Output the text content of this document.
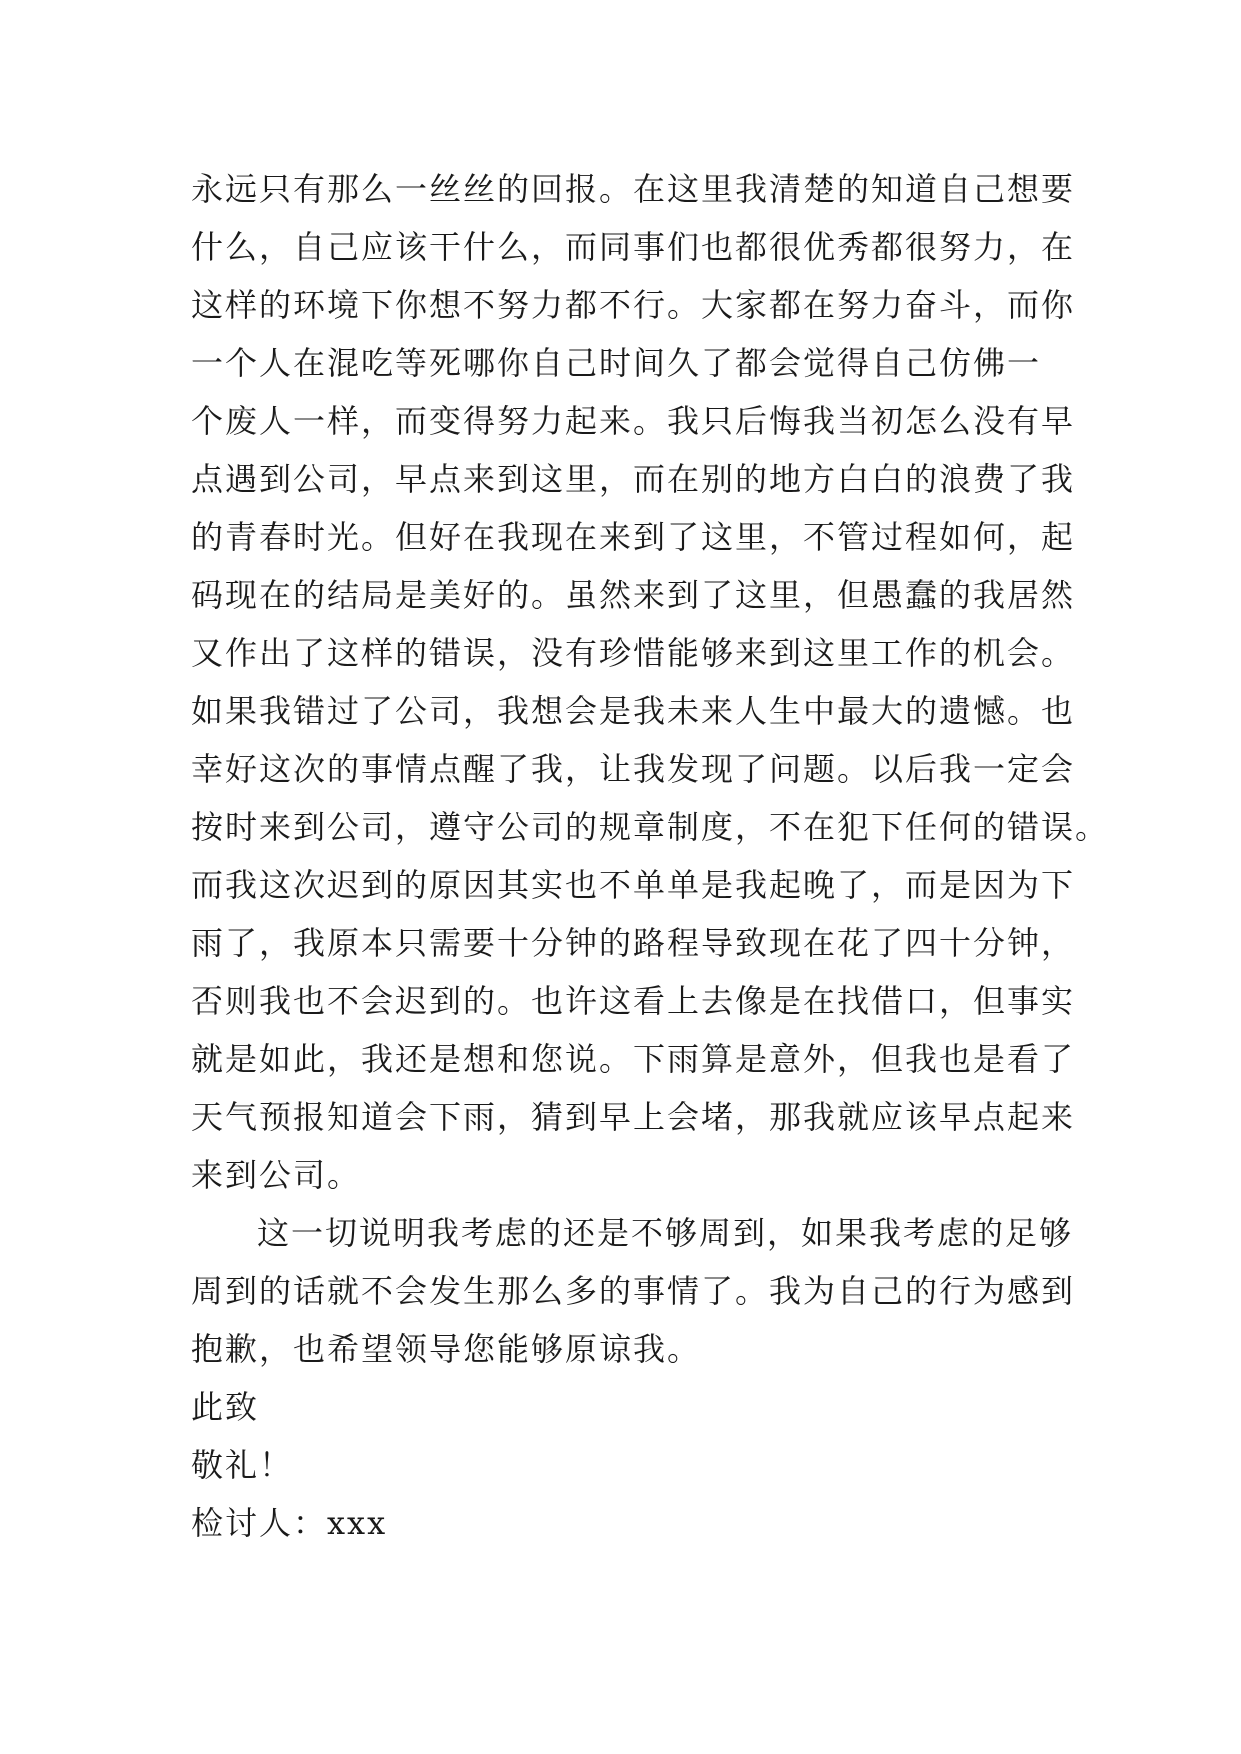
永远只有那么一丝丝的回报。在这里我清楚的知道自己想要
什么，自己应该干什么，而同事们也都很优秀都很努力，在
这样的环境下你想不努力都不行。大家都在努力奋斗，而你
一个人在混吃等死哪你自己时间久了都会觉得自己仿佛一
个废人一样，而变得努力起来。我只后悔我当初怎么没有早
点遇到公司，早点来到这里，而在别的地方白白的浪费了我
的青春时光。但好在我现在来到了这里，不管过程如何，起
码现在的结局是美好的。虽然来到了这里，但愚蠢的我居然
又作出了这样的错误，没有珍惜能够来到这里工作的机会。
如果我错过了公司，我想会是我未来人生中最大的遗憾。也
幸好这次的事情点醒了我，让我发现了问题。以后我一定会
按时来到公司，遵守公司的规章制度，不在犯下任何的错误。
而我这次迟到的原因其实也不单单是我起晚了，而是因为下
雨了，我原本只需要十分钟的路程导致现在花了四十分钟，
否则我也不会迟到的。也许这看上去像是在找借口，但事实
就是如此，我还是想和您说。下雨算是意外，但我也是看了
天气预报知道会下雨，猜到早上会堵，那我就应该早点起来
来到公司。
这一切说明我考虑的还是不够周到，如果我考虑的足够
周到的话就不会发生那么多的事情了。我为自己的行为感到
抱歉，也希望领导您能够原谅我。
此致
敬礼！
检讨人：xxx
